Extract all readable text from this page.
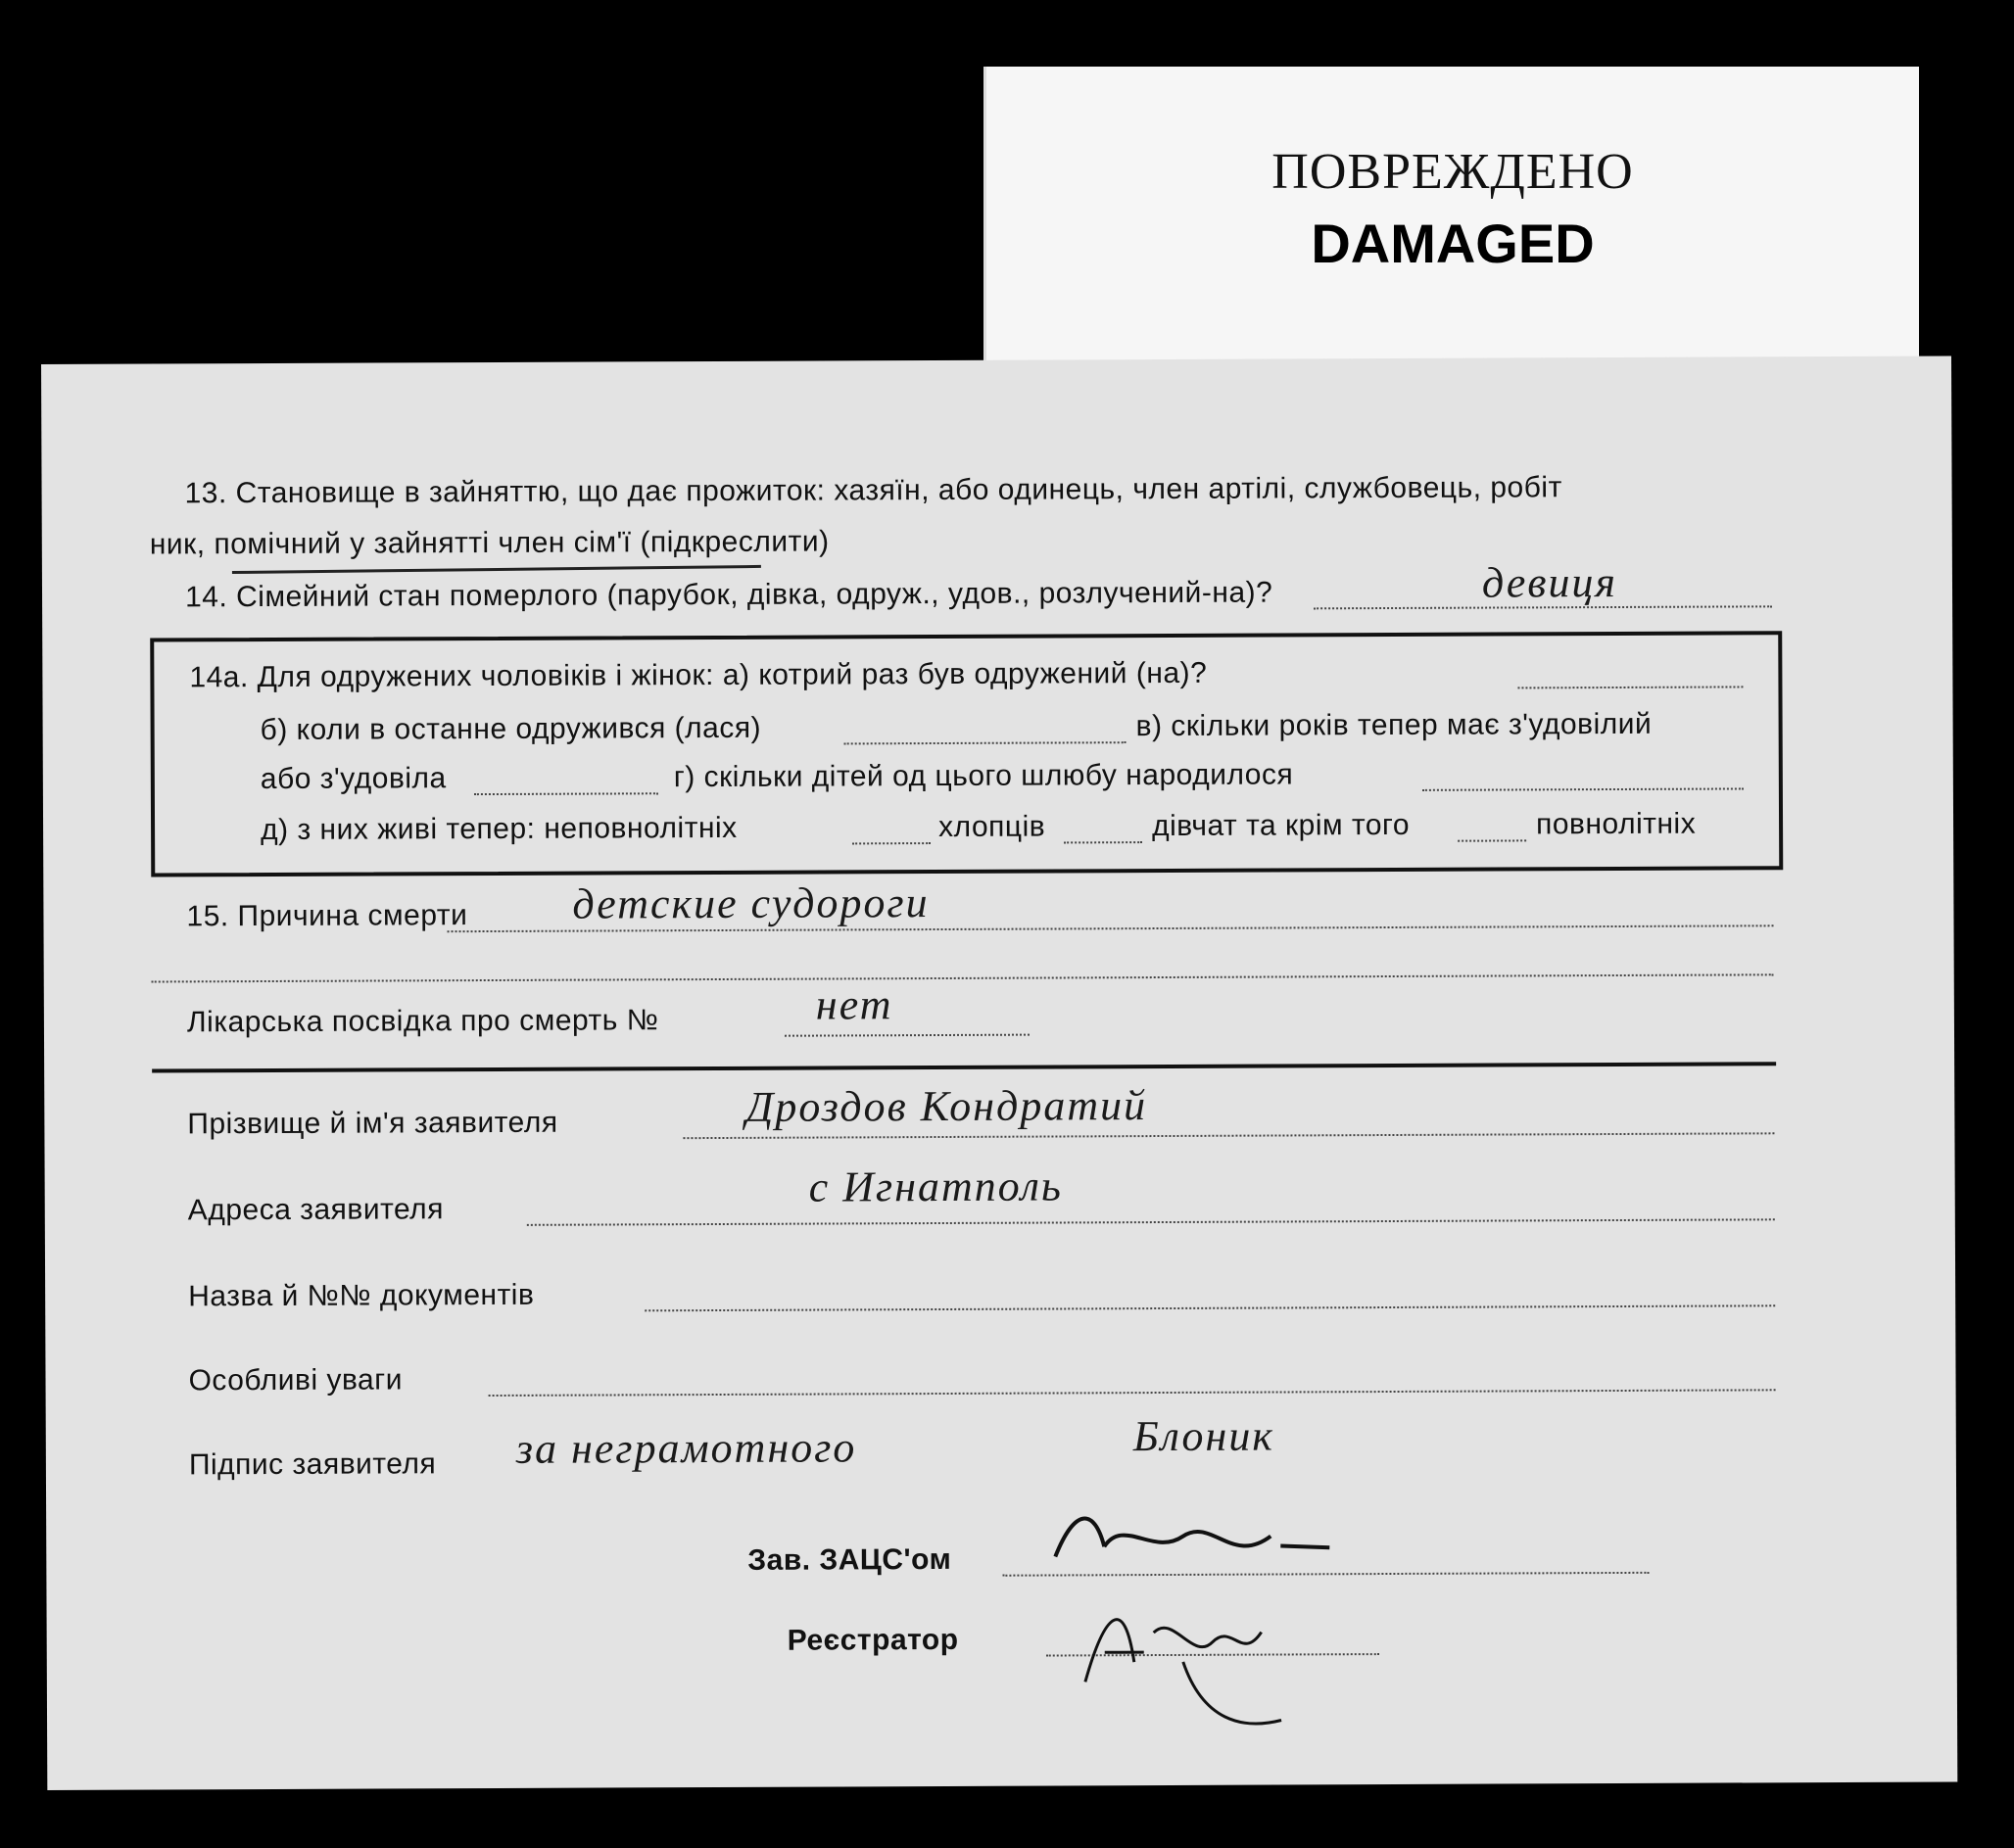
ПОВРЕЖДЕНО
DAMAGED
13. Становище в зайняттю, що дає прожиток: хазяїн, або одинець, член артілі, службовець, робіт
ник, помічний у зайнятті член сім'ї (підкреслити)
14. Сімейний стан померлого (парубок, дівка, одруж., удов., розлучений-на)?	девиця
14а. Для одружених чоловіків і жінок: а) котрий раз був одружений (на)?
б) коли в останне одружився (лася)	в) скільки років тепер має з'удовілий
або з'удовіла	г) скільки дітей од цього шлюбу народилося
д) з них живі тепер: неповнолітніх	хлопців	дівчат та крім того	повнолітніх
15. Причина смерти детские судороги
Лікарська посвідка про смерть №	нет
Прізвище й ім'я заявителя	Дроздов Кондратий
Адреса заявителя	с Игнатполь
Назва й №№ документів
Особливі уваги
Підпис заявителя за неграмотного	Блоник
Зав. ЗАЦС'ом
Реєстратор
